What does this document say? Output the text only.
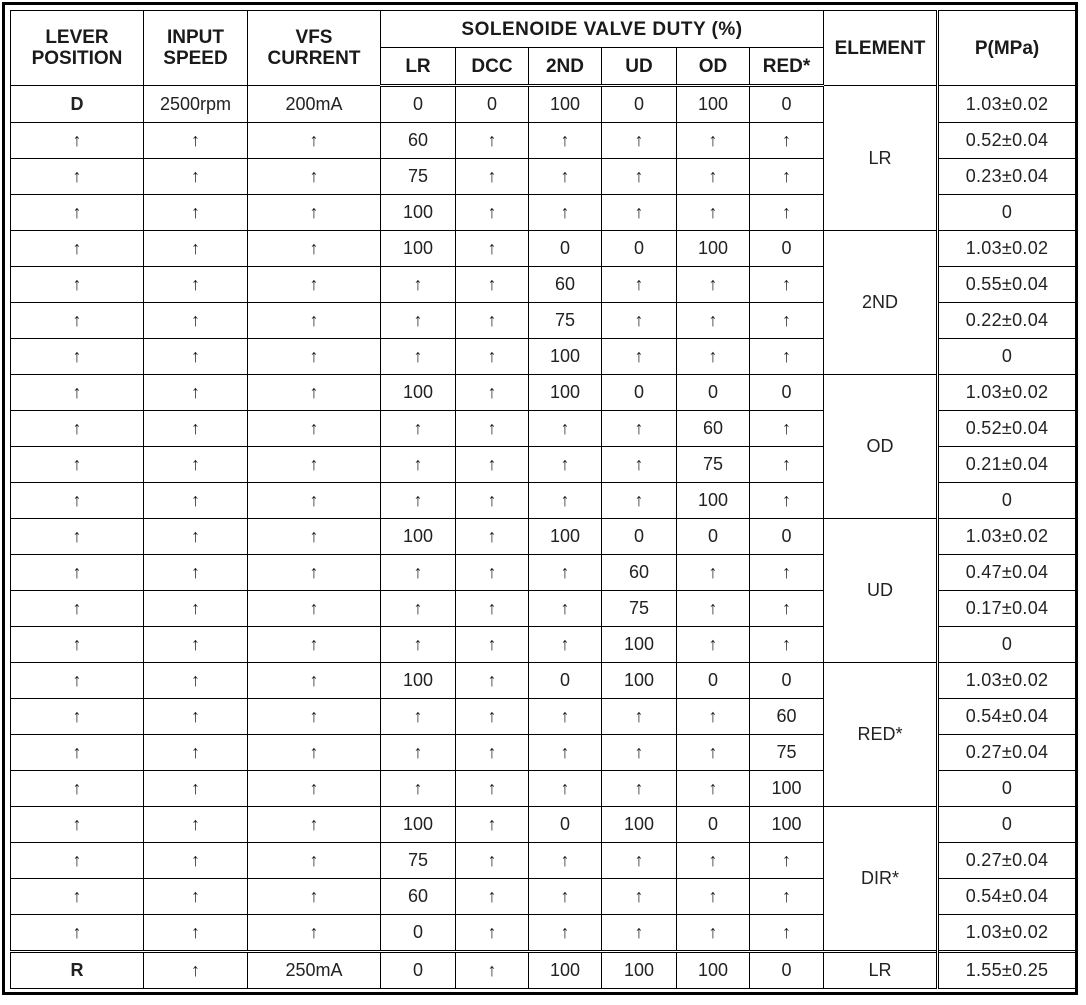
LEVER POSITION	INPUT SPEED	VFS CURRENT	SOLENOIDE VALVE DUTY (%)						ELEMENT	P(MPa)
			LR	DCC	2ND	UD	OD	RED*		
D	2500rpm	200mA	0	0	100	0	100	0	LR	1.03±0.02
↑	↑	↑	60	↑	↑	↑	↑	↑		0.52±0.04
↑	↑	↑	75	↑	↑	↑	↑	↑		0.23±0.04
↑	↑	↑	100	↑	↑	↑	↑	↑		0
↑	↑	↑	100	↑	0	0	100	0	2ND	1.03±0.02
↑	↑	↑	↑	↑	60	↑	↑	↑		0.55±0.04
↑	↑	↑	↑	↑	75	↑	↑	↑		0.22±0.04
↑	↑	↑	↑	↑	100	↑	↑	↑		0
↑	↑	↑	100	↑	100	0	0	0	OD	1.03±0.02
↑	↑	↑	↑	↑	↑	↑	60	↑		0.52±0.04
↑	↑	↑	↑	↑	↑	↑	75	↑		0.21±0.04
↑	↑	↑	↑	↑	↑	↑	100	↑		0
↑	↑	↑	100	↑	100	0	0	0	UD	1.03±0.02
↑	↑	↑	↑	↑	↑	60	↑	↑		0.47±0.04
↑	↑	↑	↑	↑	↑	75	↑	↑		0.17±0.04
↑	↑	↑	↑	↑	↑	100	↑	↑		0
↑	↑	↑	100	↑	0	100	0	0	RED*	1.03±0.02
↑	↑	↑	↑	↑	↑	↑	↑	60		0.54±0.04
↑	↑	↑	↑	↑	↑	↑	↑	75		0.27±0.04
↑	↑	↑	↑	↑	↑	↑	↑	100		0
↑	↑	↑	100	↑	0	100	0	100	DIR*	0
↑	↑	↑	75	↑	↑	↑	↑	↑		0.27±0.04
↑	↑	↑	60	↑	↑	↑	↑	↑		0.54±0.04
↑	↑	↑	0	↑	↑	↑	↑	↑		1.03±0.02
R	↑	250mA	0	↑	100	100	100	0	LR	1.55±0.25
